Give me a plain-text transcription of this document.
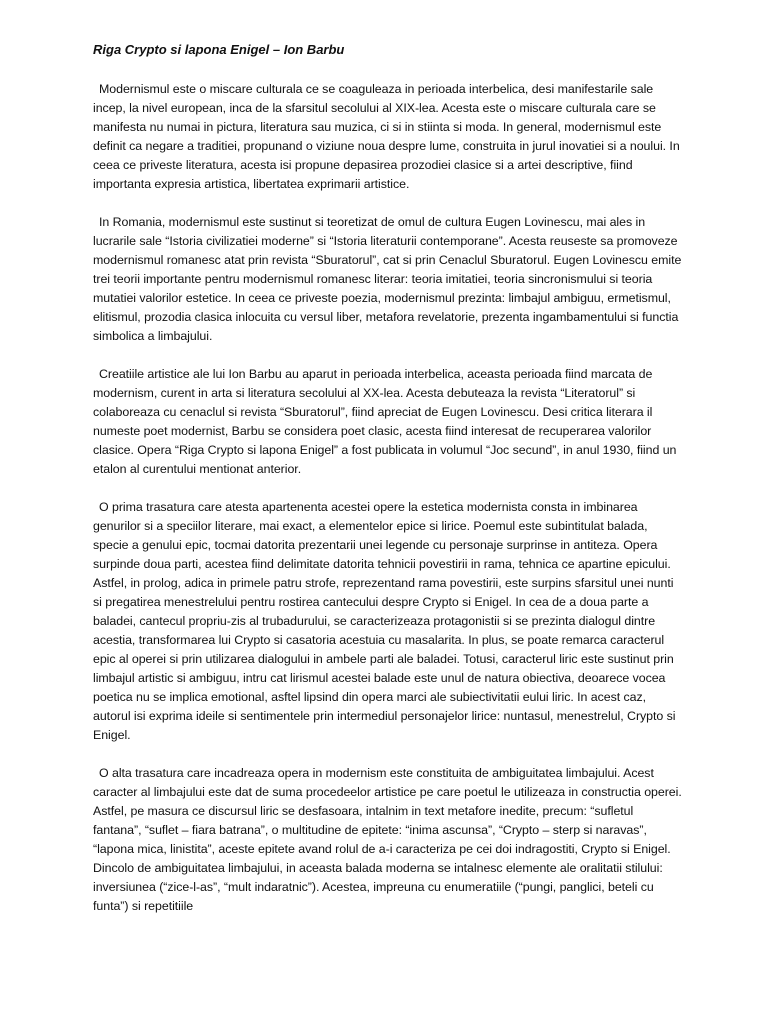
Riga Crypto si lapona Enigel – Ion Barbu

Modernismul este o miscare culturala ce se coaguleaza in perioada interbelica, desi manifestarile sale incep, la nivel european, inca de la sfarsitul secolului al XIX-lea. Acesta este o miscare culturala care se manifesta nu numai in pictura, literatura sau muzica, ci si in stiinta si moda. In general, modernismul este definit ca negare a traditiei, propunand o viziune noua despre lume, construita in jurul inovatiei si a noului. In ceea ce priveste literatura, acesta isi propune depasirea prozodiei clasice si a artei descriptive, fiind importanta expresia artistica, libertatea exprimarii artistice.

In Romania, modernismul este sustinut si teoretizat de omul de cultura Eugen Lovinescu, mai ales in lucrarile sale “Istoria civilizatiei moderne” si “Istoria literaturii contemporane”. Acesta reuseste sa promoveze modernismul romanesc atat prin revista “Sburatorul”, cat si prin Cenaclul Sburatorul. Eugen Lovinescu emite trei teorii importante pentru modernismul romanesc literar: teoria imitatiei, teoria sincronismului si teoria mutatiei valorilor estetice. In ceea ce priveste poezia, modernismul prezinta: limbajul ambiguu, ermetismul, elitismul, prozodia clasica inlocuita cu versul liber, metafora revelatorie, prezenta ingambamentului si functia simbolica a limbajului.

Creatiile artistice ale lui Ion Barbu au aparut in perioada interbelica, aceasta perioada fiind marcata de modernism, curent in arta si literatura secolului al XX-lea. Acesta debuteaza la revista “Literatorul” si colaboreaza cu cenaclul si revista “Sburatorul”, fiind apreciat de Eugen Lovinescu. Desi critica literara il numeste poet modernist, Barbu se considera poet clasic, acesta fiind interesat de recuperarea valorilor clasice. Opera “Riga Crypto si lapona Enigel” a fost publicata in volumul “Joc secund”, in anul 1930, fiind un etalon al curentului mentionat anterior.

O prima trasatura care atesta apartenenta acestei opere la estetica modernista consta in imbinarea genurilor si a speciilor literare, mai exact, a elementelor epice si lirice. Poemul este subintitulat balada, specie a genului epic, tocmai datorita prezentarii unei legende cu personaje surprinse in antiteza. Opera surpinde doua parti, acestea fiind delimitate datorita tehnicii povestirii in rama, tehnica ce apartine epicului. Astfel, in prolog, adica in primele patru strofe, reprezentand rama povestirii, este surpins sfarsitul unei nunti si pregatirea menestrelului pentru rostirea cantecului despre Crypto si Enigel. In cea de a doua parte a baladei, cantecul propriu-zis al trubadurului, se caracterizeaza protagonistii si se prezinta dialogul dintre acestia, transformarea lui Crypto si casatoria acestuia cu masalarita. In plus, se poate remarca caracterul epic al operei si prin utilizarea dialogului in ambele parti ale baladei. Totusi, caracterul liric este sustinut prin limbajul artistic si ambiguu, intru cat lirismul acestei balade este unul de natura obiectiva, deoarece vocea poetica nu se implica emotional, asftel lipsind din opera marci ale subiectivitatii eului liric. In acest caz, autorul isi exprima ideile si sentimentele prin intermediul personajelor lirice: nuntasul, menestrelul, Crypto si Enigel.

O alta trasatura care incadreaza opera in modernism este constituita de ambiguitatea limbajului. Acest caracter al limbajului este dat de suma procedeelor artistice pe care poetul le utilizeaza in constructia operei. Astfel, pe masura ce discursul liric se desfasoara, intalnim in text metafore inedite, precum: “sufletul fantana”, “suflet – fiara batrana”, o multitudine de epitete: “inima ascunsa”, “Crypto – sterp si naravas”, “lapona mica, linistita”, aceste epitete avand rolul de a-i caracteriza pe cei doi indragostiti, Crypto si Enigel. Dincolo de ambiguitatea limbajului, in aceasta balada moderna se intalnesc elemente ale oralitatii stilului: inversiunea (“zice-l-as”, “mult indaratnic”). Acestea, impreuna cu enumeratiile (“pungi, panglici, beteli cu funta”) si repetitiile
